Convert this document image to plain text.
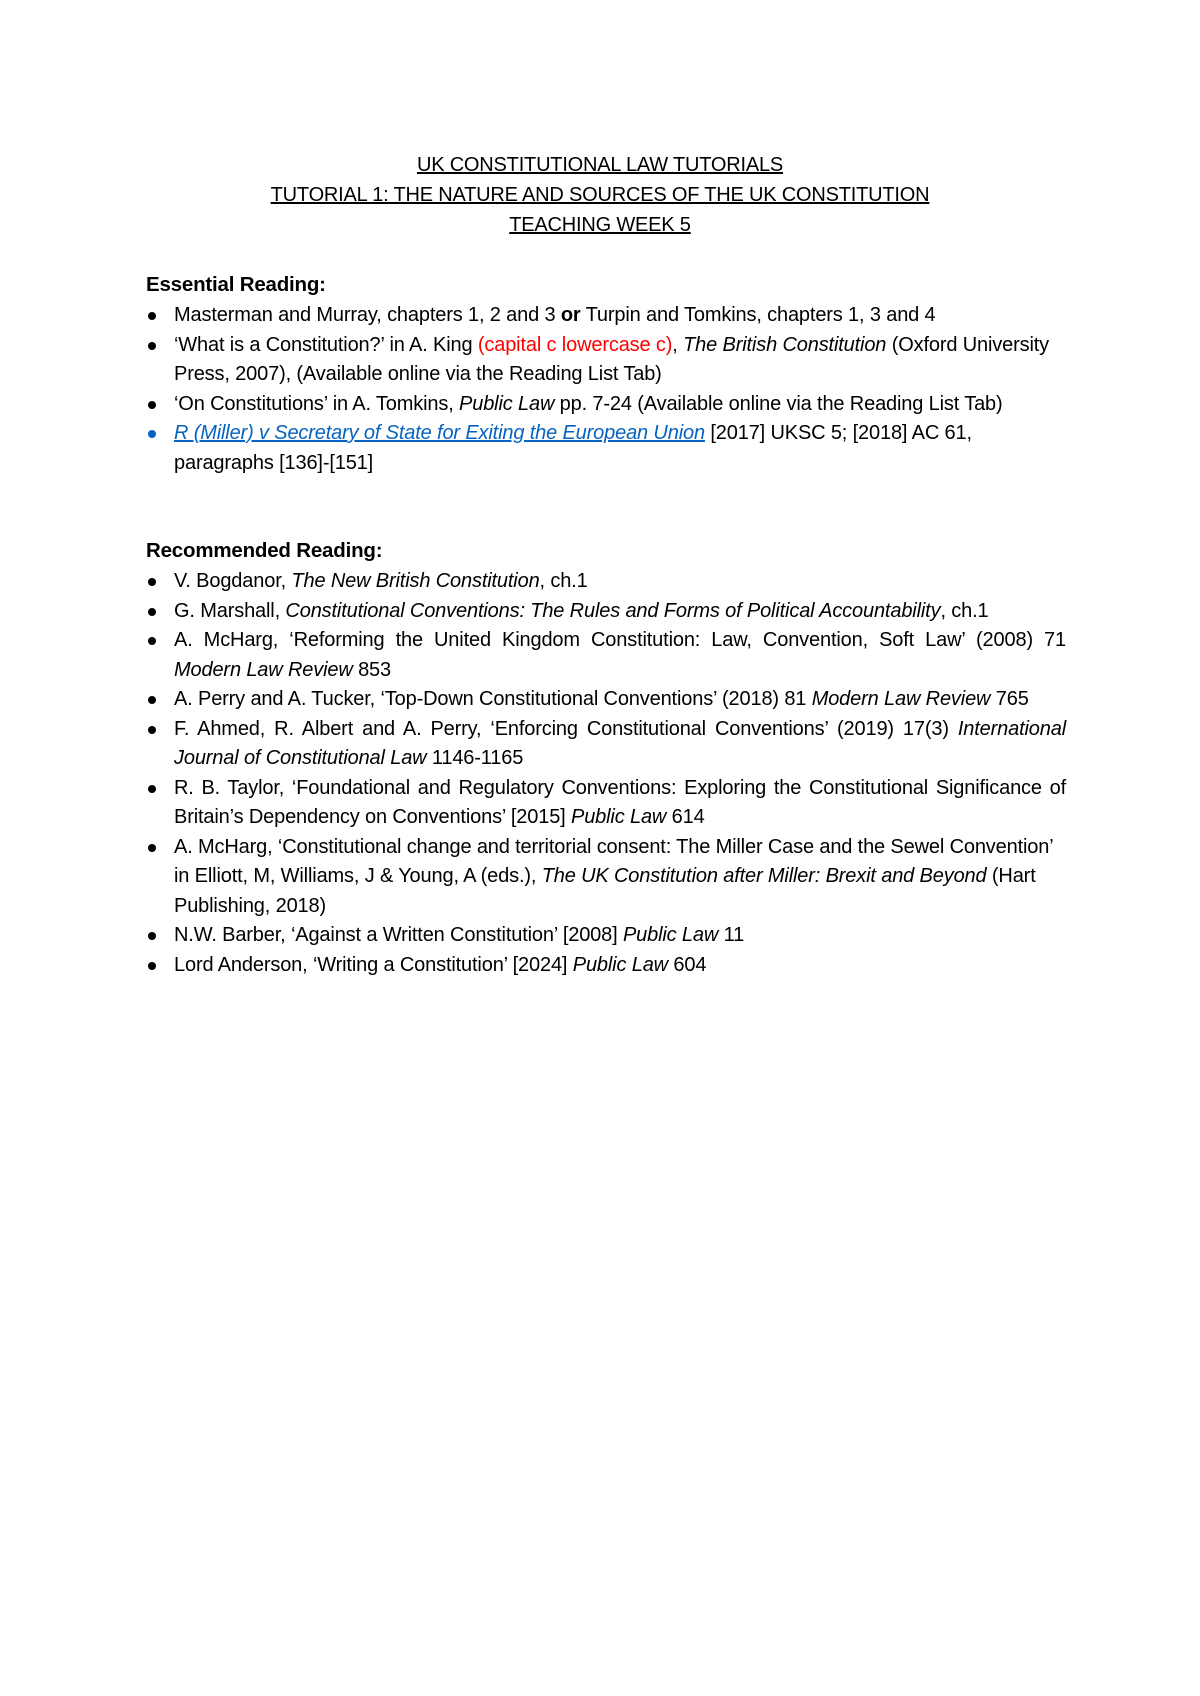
UK CONSTITUTIONAL LAW TUTORIALS
TUTORIAL 1: THE NATURE AND SOURCES OF THE UK CONSTITUTION
TEACHING WEEK 5
Essential Reading:
Masterman and Murray, chapters 1, 2 and 3 or Turpin and Tomkins, chapters 1, 3 and 4
‘What is a Constitution?’ in A. King (capital c lowercase c), The British Constitution (Oxford University Press, 2007), (Available online via the Reading List Tab)
‘On Constitutions’ in A. Tomkins, Public Law pp. 7-24 (Available online via the Reading List Tab)
R (Miller) v Secretary of State for Exiting the European Union [2017] UKSC 5; [2018] AC 61, paragraphs [136]-[151]
Recommended Reading:
V. Bogdanor, The New British Constitution, ch.1
G. Marshall, Constitutional Conventions: The Rules and Forms of Political Accountability, ch.1
A. McHarg, ‘Reforming the United Kingdom Constitution: Law, Convention, Soft Law’ (2008) 71 Modern Law Review 853
A. Perry and A. Tucker, ‘Top-Down Constitutional Conventions’ (2018) 81 Modern Law Review 765
F. Ahmed, R. Albert and A. Perry, ‘Enforcing Constitutional Conventions’ (2019) 17(3) International Journal of Constitutional Law 1146-1165
R. B. Taylor, ‘Foundational and Regulatory Conventions: Exploring the Constitutional Significance of Britain’s Dependency on Conventions’ [2015] Public Law 614
A. McHarg, ‘Constitutional change and territorial consent: The Miller Case and the Sewel Convention’ in Elliott, M, Williams, J & Young, A (eds.), The UK Constitution after Miller: Brexit and Beyond (Hart Publishing, 2018)
N.W. Barber, ‘Against a Written Constitution’ [2008] Public Law 11
Lord Anderson, ‘Writing a Constitution’ [2024] Public Law 604
